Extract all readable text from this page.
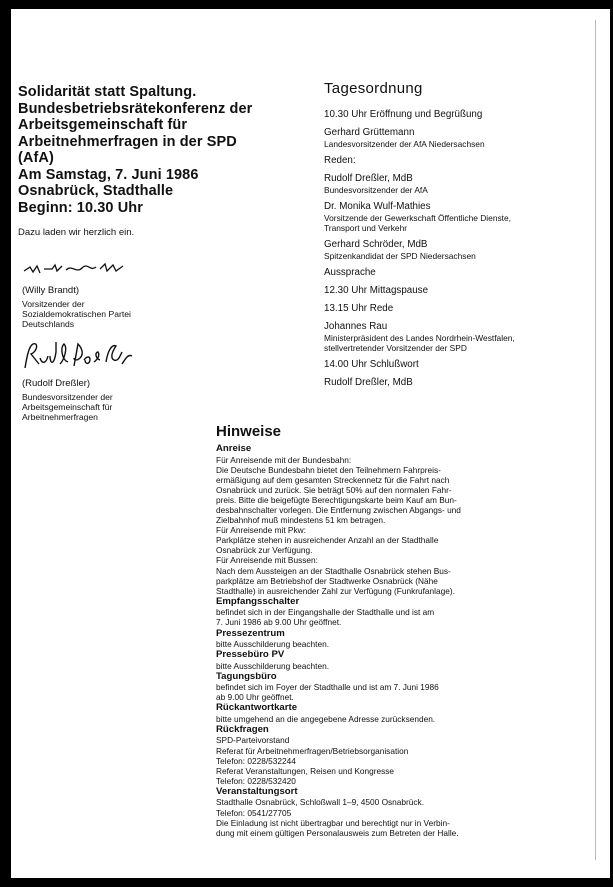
Solidarität statt Spaltung.
Bundesbetriebsrätekonferenz der
Arbeitsgemeinschaft für
Arbeitnehmerfragen in der SPD
(AfA)
Am Samstag, 7. Juni 1986
Osnabrück, Stadthalle
Beginn: 10.30 Uhr
Dazu laden wir herzlich ein.
(Willy Brandt)
Vorsitzender der
Sozialdemokratischen Partei
Deutschlands
(Rudolf Dreßler)
Bundesvorsitzender der
Arbeitsgemeinschaft für
Arbeitnehmerfragen
Tagesordnung
10.30 Uhr Eröffnung und Begrüßung
Gerhard Grüttemann
Landesvorsitzender der AfA Niedersachsen
Reden:
Rudolf Dreßler, MdB
Bundesvorsitzender der AfA
Dr. Monika Wulf-Mathies
Vorsitzende der Gewerkschaft Öffentliche Dienste,
Transport und Verkehr
Gerhard Schröder, MdB
Spitzenkandidat der SPD Niedersachsen
Aussprache
12.30 Uhr Mittagspause
13.15 Uhr Rede
Johannes Rau
Ministerpräsident des Landes Nordrhein-Westfalen,
stellvertretender Vorsitzender der SPD
14.00 Uhr Schlußwort
Rudolf Dreßler, MdB
Hinweise
Anreise
Für Anreisende mit der Bundesbahn:
Die Deutsche Bundesbahn bietet den Teilnehmern Fahrpreis-
ermäßigung auf dem gesamten Streckennetz für die Fahrt nach
Osnabrück und zurück. Sie beträgt 50% auf den normalen Fahr-
preis. Bitte die beigefügte Berechtigungskarte beim Kauf am Bun-
desbahnschalter vorlegen. Die Entfernung zwischen Abgangs- und
Zielbahnhof muß mindestens 51 km betragen.
Für Anreisende mit Pkw:
Parkplätze stehen in ausreichender Anzahl an der Stadthalle
Osnabrück zur Verfügung.
Für Anreisende mit Bussen:
Nach dem Aussteigen an der Stadthalle Osnabrück stehen Bus-
parkplätze am Betriebshof der Stadtwerke Osnabrück (Nähe
Stadthalle) in ausreichender Zahl zur Verfügung (Funkrufanlage).
Empfangsschalter
befindet sich in der Eingangshalle der Stadthalle und ist am
7. Juni 1986 ab 9.00 Uhr geöffnet.
Pressezentrum
bitte Ausschilderung beachten.
Pressebüro PV
bitte Ausschilderung beachten.
Tagungsbüro
befindet sich im Foyer der Stadthalle und ist am 7. Juni 1986
ab 9.00 Uhr geöffnet.
Rückantwortkarte
bitte umgehend an die angegebene Adresse zurücksenden.
Rückfragen
SPD-Parteivorstand
Referat für Arbeitnehmerfragen/Betriebsorganisation
Telefon: 0228/532244
Referat Veranstaltungen, Reisen und Kongresse
Telefon: 0228/532420
Veranstaltungsort
Stadthalle Osnabrück, Schloßwall 1–9, 4500 Osnabrück.
Telefon: 0541/27705
Die Einladung ist nicht übertragbar und berechtigt nur in Verbin-
dung mit einem gültigen Personalausweis zum Betreten der Halle.
